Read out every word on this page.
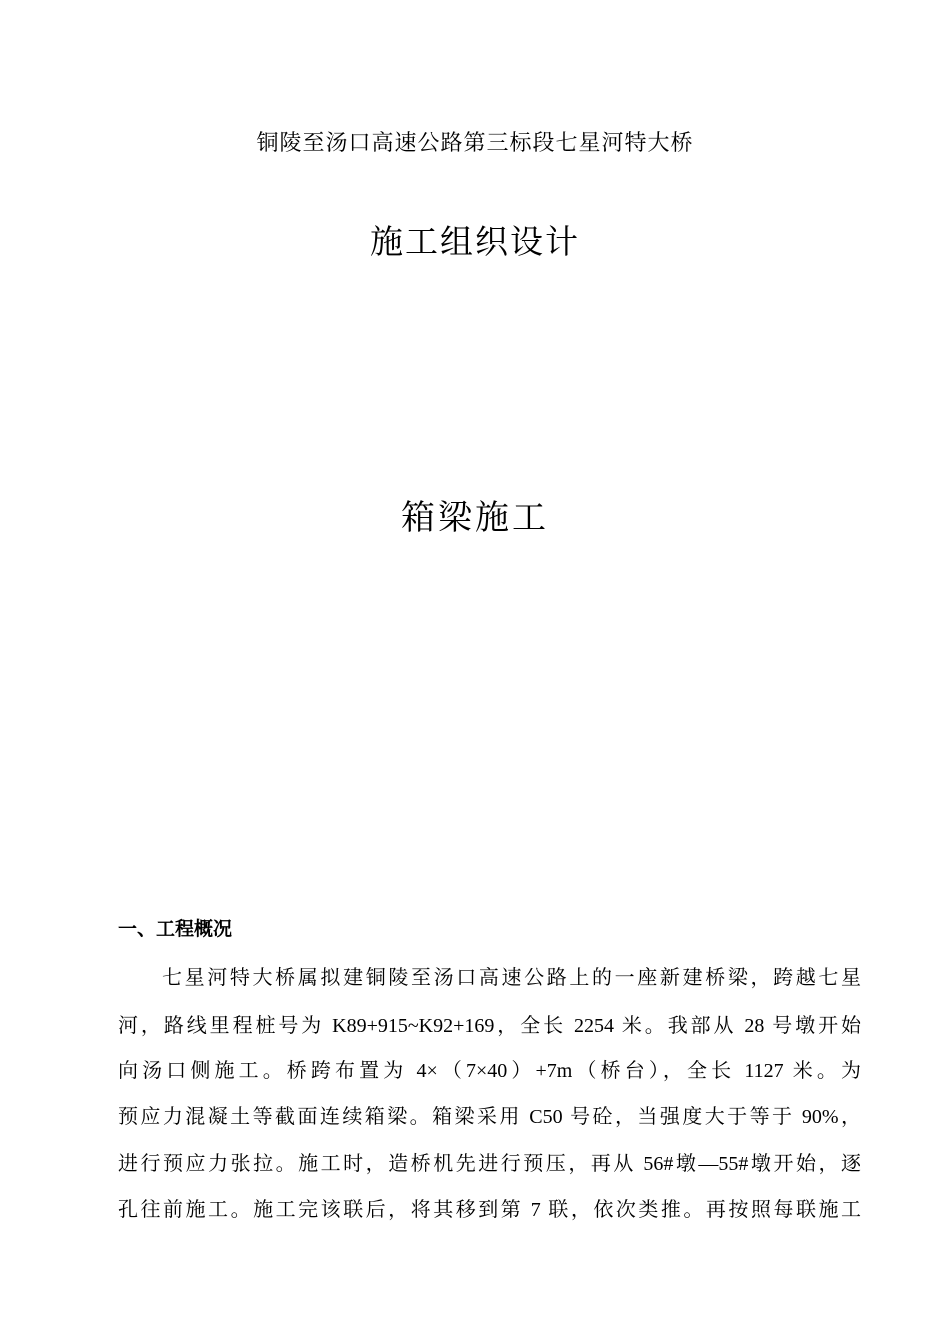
铜陵至汤口高速公路第三标段七星河特大桥
施工组织设计
箱梁施工
一、工程概况
七星河特大桥属拟建铜陵至汤口高速公路上的一座新建桥梁，跨越七星
河，路线里程桩号为 K89+915~K92+169，全长 2254 米。我部从 28 号墩开始
向汤口侧施工。桥跨布置为 4×（7×40）+7m（桥台），全长 1127 米。为
预应力混凝土等截面连续箱梁。箱梁采用 C50 号砼，当强度大于等于 90%，
进行预应力张拉。施工时，造桥机先进行预压，再从 56#墩—55#墩开始，逐
孔往前施工。施工完该联后，将其移到第 7 联，依次类推。再按照每联施工
